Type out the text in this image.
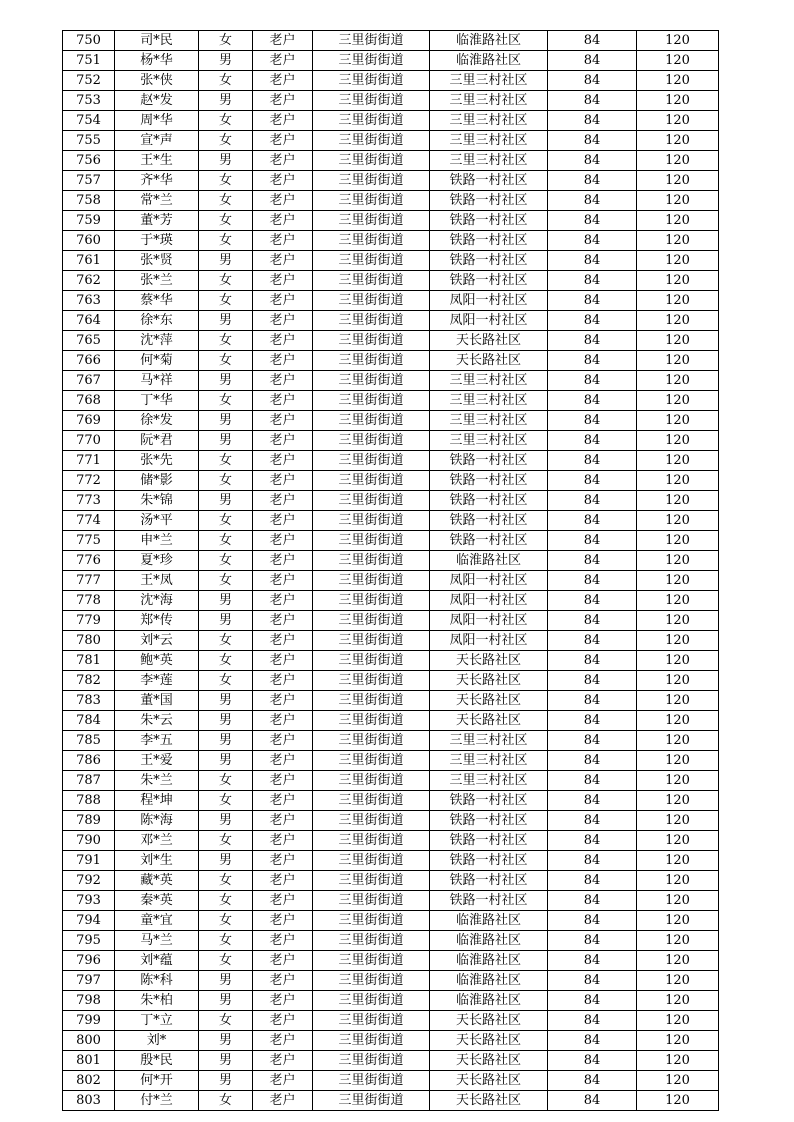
750	司*民	女	老户	三里街街道	临淮路社区	84	120
751	杨*华	男	老户	三里街街道	临淮路社区	84	120
752	张*侠	女	老户	三里街街道	三里三村社区	84	120
753	赵*发	男	老户	三里街街道	三里三村社区	84	120
754	周*华	女	老户	三里街街道	三里三村社区	84	120
755	宣*声	女	老户	三里街街道	三里三村社区	84	120
756	王*生	男	老户	三里街街道	三里三村社区	84	120
757	齐*华	女	老户	三里街街道	铁路一村社区	84	120
758	常*兰	女	老户	三里街街道	铁路一村社区	84	120
759	董*芳	女	老户	三里街街道	铁路一村社区	84	120
760	于*瑛	女	老户	三里街街道	铁路一村社区	84	120
761	张*贤	男	老户	三里街街道	铁路一村社区	84	120
762	张*兰	女	老户	三里街街道	铁路一村社区	84	120
763	蔡*华	女	老户	三里街街道	凤阳一村社区	84	120
764	徐*东	男	老户	三里街街道	凤阳一村社区	84	120
765	沈*萍	女	老户	三里街街道	天长路社区	84	120
766	何*菊	女	老户	三里街街道	天长路社区	84	120
767	马*祥	男	老户	三里街街道	三里三村社区	84	120
768	丁*华	女	老户	三里街街道	三里三村社区	84	120
769	徐*发	男	老户	三里街街道	三里三村社区	84	120
770	阮*君	男	老户	三里街街道	三里三村社区	84	120
771	张*先	女	老户	三里街街道	铁路一村社区	84	120
772	储*影	女	老户	三里街街道	铁路一村社区	84	120
773	朱*锦	男	老户	三里街街道	铁路一村社区	84	120
774	汤*平	女	老户	三里街街道	铁路一村社区	84	120
775	申*兰	女	老户	三里街街道	铁路一村社区	84	120
776	夏*珍	女	老户	三里街街道	临淮路社区	84	120
777	王*凤	女	老户	三里街街道	凤阳一村社区	84	120
778	沈*海	男	老户	三里街街道	凤阳一村社区	84	120
779	郑*传	男	老户	三里街街道	凤阳一村社区	84	120
780	刘*云	女	老户	三里街街道	凤阳一村社区	84	120
781	鲍*英	女	老户	三里街街道	天长路社区	84	120
782	李*莲	女	老户	三里街街道	天长路社区	84	120
783	董*国	男	老户	三里街街道	天长路社区	84	120
784	朱*云	男	老户	三里街街道	天长路社区	84	120
785	李*五	男	老户	三里街街道	三里三村社区	84	120
786	王*爱	男	老户	三里街街道	三里三村社区	84	120
787	朱*兰	女	老户	三里街街道	三里三村社区	84	120
788	程*坤	女	老户	三里街街道	铁路一村社区	84	120
789	陈*海	男	老户	三里街街道	铁路一村社区	84	120
790	邓*兰	女	老户	三里街街道	铁路一村社区	84	120
791	刘*生	男	老户	三里街街道	铁路一村社区	84	120
792	藏*英	女	老户	三里街街道	铁路一村社区	84	120
793	秦*英	女	老户	三里街街道	铁路一村社区	84	120
794	童*宜	女	老户	三里街街道	临淮路社区	84	120
795	马*兰	女	老户	三里街街道	临淮路社区	84	120
796	刘*蕴	女	老户	三里街街道	临淮路社区	84	120
797	陈*科	男	老户	三里街街道	临淮路社区	84	120
798	朱*柏	男	老户	三里街街道	临淮路社区	84	120
799	丁*立	女	老户	三里街街道	天长路社区	84	120
800	刘*	男	老户	三里街街道	天长路社区	84	120
801	殷*民	男	老户	三里街街道	天长路社区	84	120
802	何*开	男	老户	三里街街道	天长路社区	84	120
803	付*兰	女	老户	三里街街道	天长路社区	84	120
